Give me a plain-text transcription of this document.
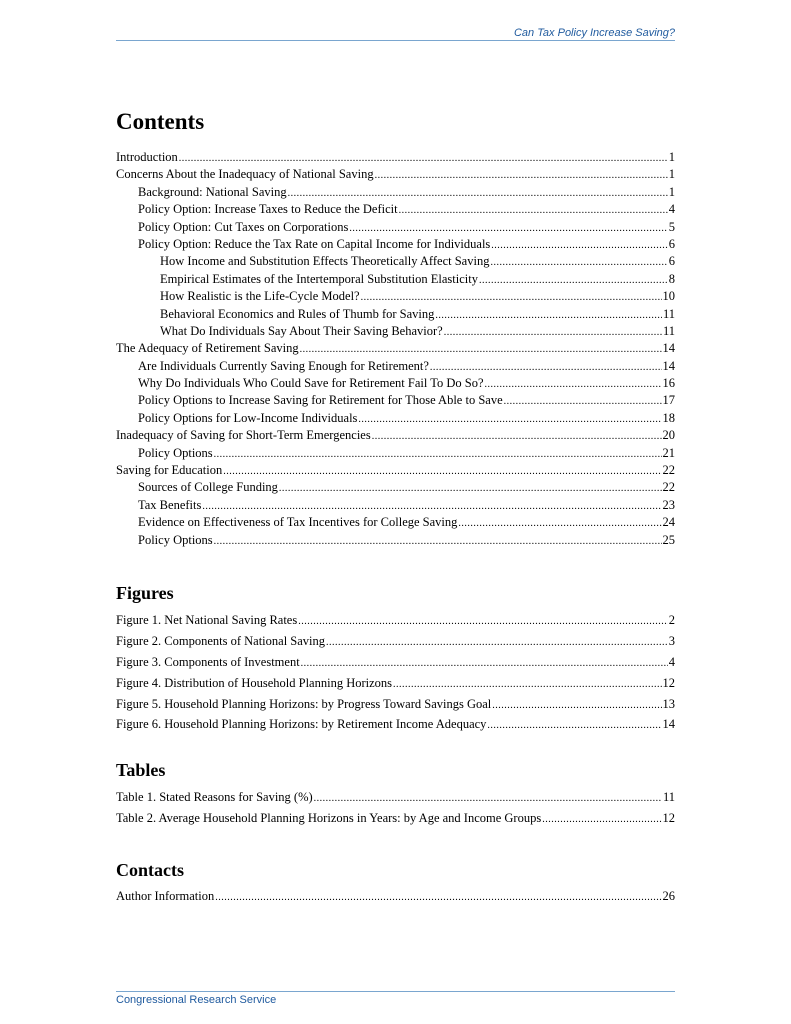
Can Tax Policy Increase Saving?
Contents
Introduction .....	1
Concerns About the Inadequacy of National Saving .....	1
Background: National Saving .....	1
Policy Option: Increase Taxes to Reduce the Deficit .....	4
Policy Option: Cut Taxes on Corporations .....	5
Policy Option: Reduce the Tax Rate on Capital Income for Individuals .....	6
How Income and Substitution Effects Theoretically Affect Saving .....	6
Empirical Estimates of the Intertemporal Substitution Elasticity .....	8
How Realistic is the Life-Cycle Model? .....	10
Behavioral Economics and Rules of Thumb for Saving .....	11
What Do Individuals Say About Their Saving Behavior? .....	11
The Adequacy of Retirement Saving .....	14
Are Individuals Currently Saving Enough for Retirement? .....	14
Why Do Individuals Who Could Save for Retirement Fail To Do So? .....	16
Policy Options to Increase Saving for Retirement for Those Able to Save .....	17
Policy Options for Low-Income Individuals .....	18
Inadequacy of Saving for Short-Term Emergencies .....	20
Policy Options .....	21
Saving for Education .....	22
Sources of College Funding .....	22
Tax Benefits .....	23
Evidence on Effectiveness of Tax Incentives for College Saving .....	24
Policy Options .....	25
Figures
Figure 1. Net National Saving Rates .....	2
Figure 2. Components of National Saving .....	3
Figure 3. Components of Investment .....	4
Figure 4. Distribution of Household Planning Horizons .....	12
Figure 5. Household Planning Horizons: by Progress Toward Savings Goal .....	13
Figure 6. Household Planning Horizons: by Retirement Income Adequacy .....	14
Tables
Table 1. Stated Reasons for Saving (%) .....	11
Table 2. Average Household Planning Horizons in Years: by Age and Income Groups .....	12
Contacts
Author Information .....	26
Congressional Research Service
